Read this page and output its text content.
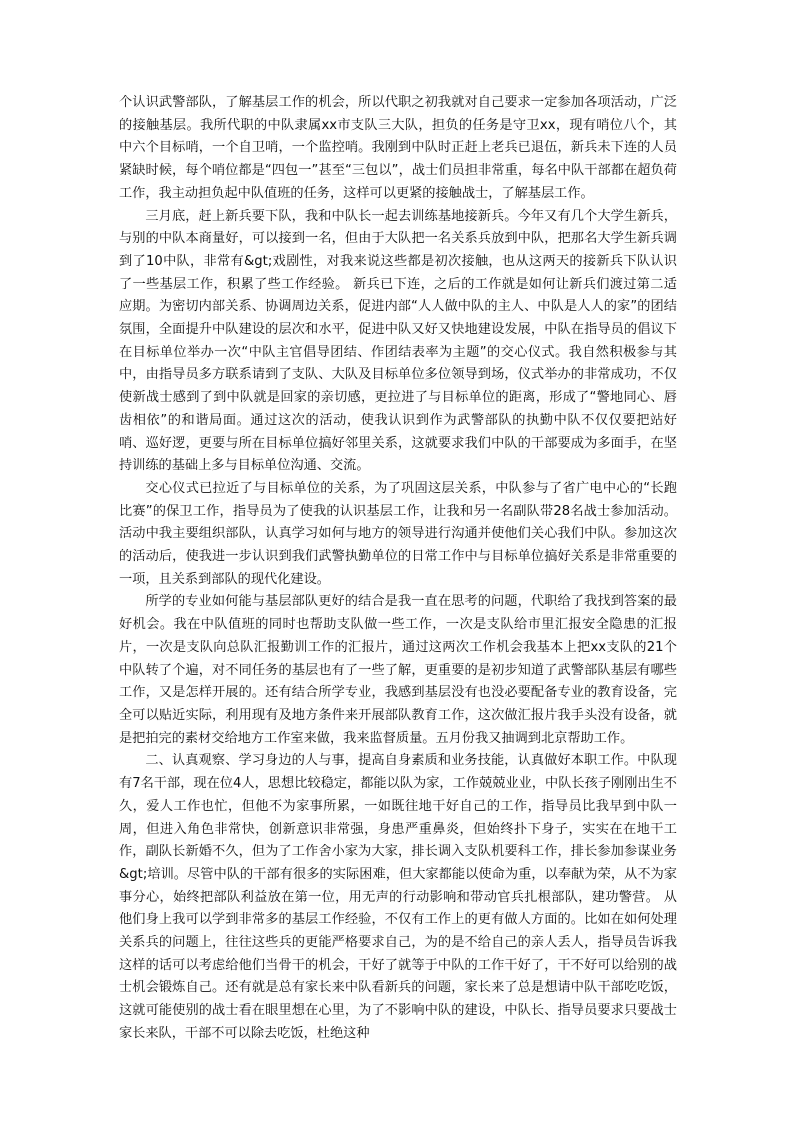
个认识武警部队，了解基层工作的机会，所以代职之初我就对自己要求一定参加各项活动，广泛的接触基层。我所代职的中队隶属xx市支队三大队，担负的任务是守卫xx，现有哨位八个，其中六个目标哨，一个自卫哨，一个监控哨。我刚到中队时正赶上老兵已退伍，新兵未下连的人员紧缺时候，每个哨位都是“四包一”甚至“三包以”，战士们员担非常重，每名中队干部都在超负荷工作，我主动担负起中队值班的任务，这样可以更紧的接触战士，了解基层工作。

三月底，赶上新兵要下队，我和中队长一起去训练基地接新兵。今年又有几个大学生新兵，与别的中队本商量好，可以接到一名，但由于大队把一名关系兵放到中队，把那名大学生新兵调到了10中队，非常有&gt;戏剧性，对我来说这些都是初次接触，也从这两天的接新兵下队认识了一些基层工作，积累了些工作经验。 新兵已下连，之后的工作就是如何让新兵们渡过第二适应期。为密切内部关系、协调周边关系，促进内部“人人做中队的主人、中队是人人的家”的团结氛围，全面提升中队建设的层次和水平，促进中队又好又快地建设发展，中队在指导员的倡议下在目标单位举办一次“中队主官倡导团结、作团结表率为主题”的交心仪式。我自然积极参与其中，由指导员多方联系请到了支队、大队及目标单位多位领导到场，仪式举办的非常成功，不仅使新战士感到了到中队就是回家的亲切感，更拉进了与目标单位的距离，形成了“警地同心、唇齿相依”的和谐局面。通过这次的活动，使我认识到作为武警部队的执勤中队不仅仅要把站好哨、巡好逻，更要与所在目标单位搞好邻里关系，这就要求我们中队的干部要成为多面手，在坚持训练的基础上多与目标单位沟通、交流。

交心仪式已拉近了与目标单位的关系，为了巩固这层关系，中队参与了省广电中心的“长跑比赛”的保卫工作，指导员为了使我的认识基层工作，让我和另一名副队带28名战士参加活动。活动中我主要组织部队，认真学习如何与地方的领导进行沟通并使他们关心我们中队。参加这次的活动后，使我进一步认识到我们武警执勤单位的日常工作中与目标单位搞好关系是非常重要的一项，且关系到部队的现代化建设。

所学的专业如何能与基层部队更好的结合是我一直在思考的问题，代职给了我找到答案的最好机会。我在中队值班的同时也帮助支队做一些工作，一次是支队给市里汇报安全隐患的汇报片，一次是支队向总队汇报勤训工作的汇报片，通过这两次工作机会我基本上把xx支队的21个中队转了个遍，对不同任务的基层也有了一些了解，更重要的是初步知道了武警部队基层有哪些工作，又是怎样开展的。还有结合所学专业，我感到基层没有也没必要配备专业的教育设备，完全可以贴近实际，利用现有及地方条件来开展部队教育工作，这次做汇报片我手头没有设备，就是把拍完的素材交给地方工作室来做，我来监督质量。五月份我又抽调到北京帮助工作。

二、认真观察、学习身边的人与事，提高自身素质和业务技能，认真做好本职工作。中队现有7名干部，现在位4人，思想比较稳定，都能以队为家，工作兢兢业业，中队长孩子刚刚出生不久，爱人工作也忙，但他不为家事所累，一如既往地干好自己的工作，指导员比我早到中队一周，但进入角色非常快，创新意识非常强，身患严重鼻炎，但始终扑下身子，实实在在地干工作，副队长新婚不久，但为了工作舍小家为大家，排长调入支队机要科工作，排长参加参谋业务&gt;培训。尽管中队的干部有很多的实际困难，但大家都能以使命为重，以奉献为荣，从不为家事分心，始终把部队利益放在第一位，用无声的行动影响和带动官兵扎根部队，建功警营。 从他们身上我可以学到非常多的基层工作经验，不仅有工作上的更有做人方面的。比如在如何处理关系兵的问题上，往往这些兵的更能严格要求自己，为的是不给自己的亲人丢人，指导员告诉我这样的话可以考虑给他们当骨干的机会，干好了就等于中队的工作干好了，干不好可以给别的战士机会锻炼自己。还有就是总有家长来中队看新兵的问题，家长来了总是想请中队干部吃吃饭，这就可能使别的战士看在眼里想在心里，为了不影响中队的建设，中队长、指导员要求只要战士家长来队，干部不可以除去吃饭，杜绝这种
